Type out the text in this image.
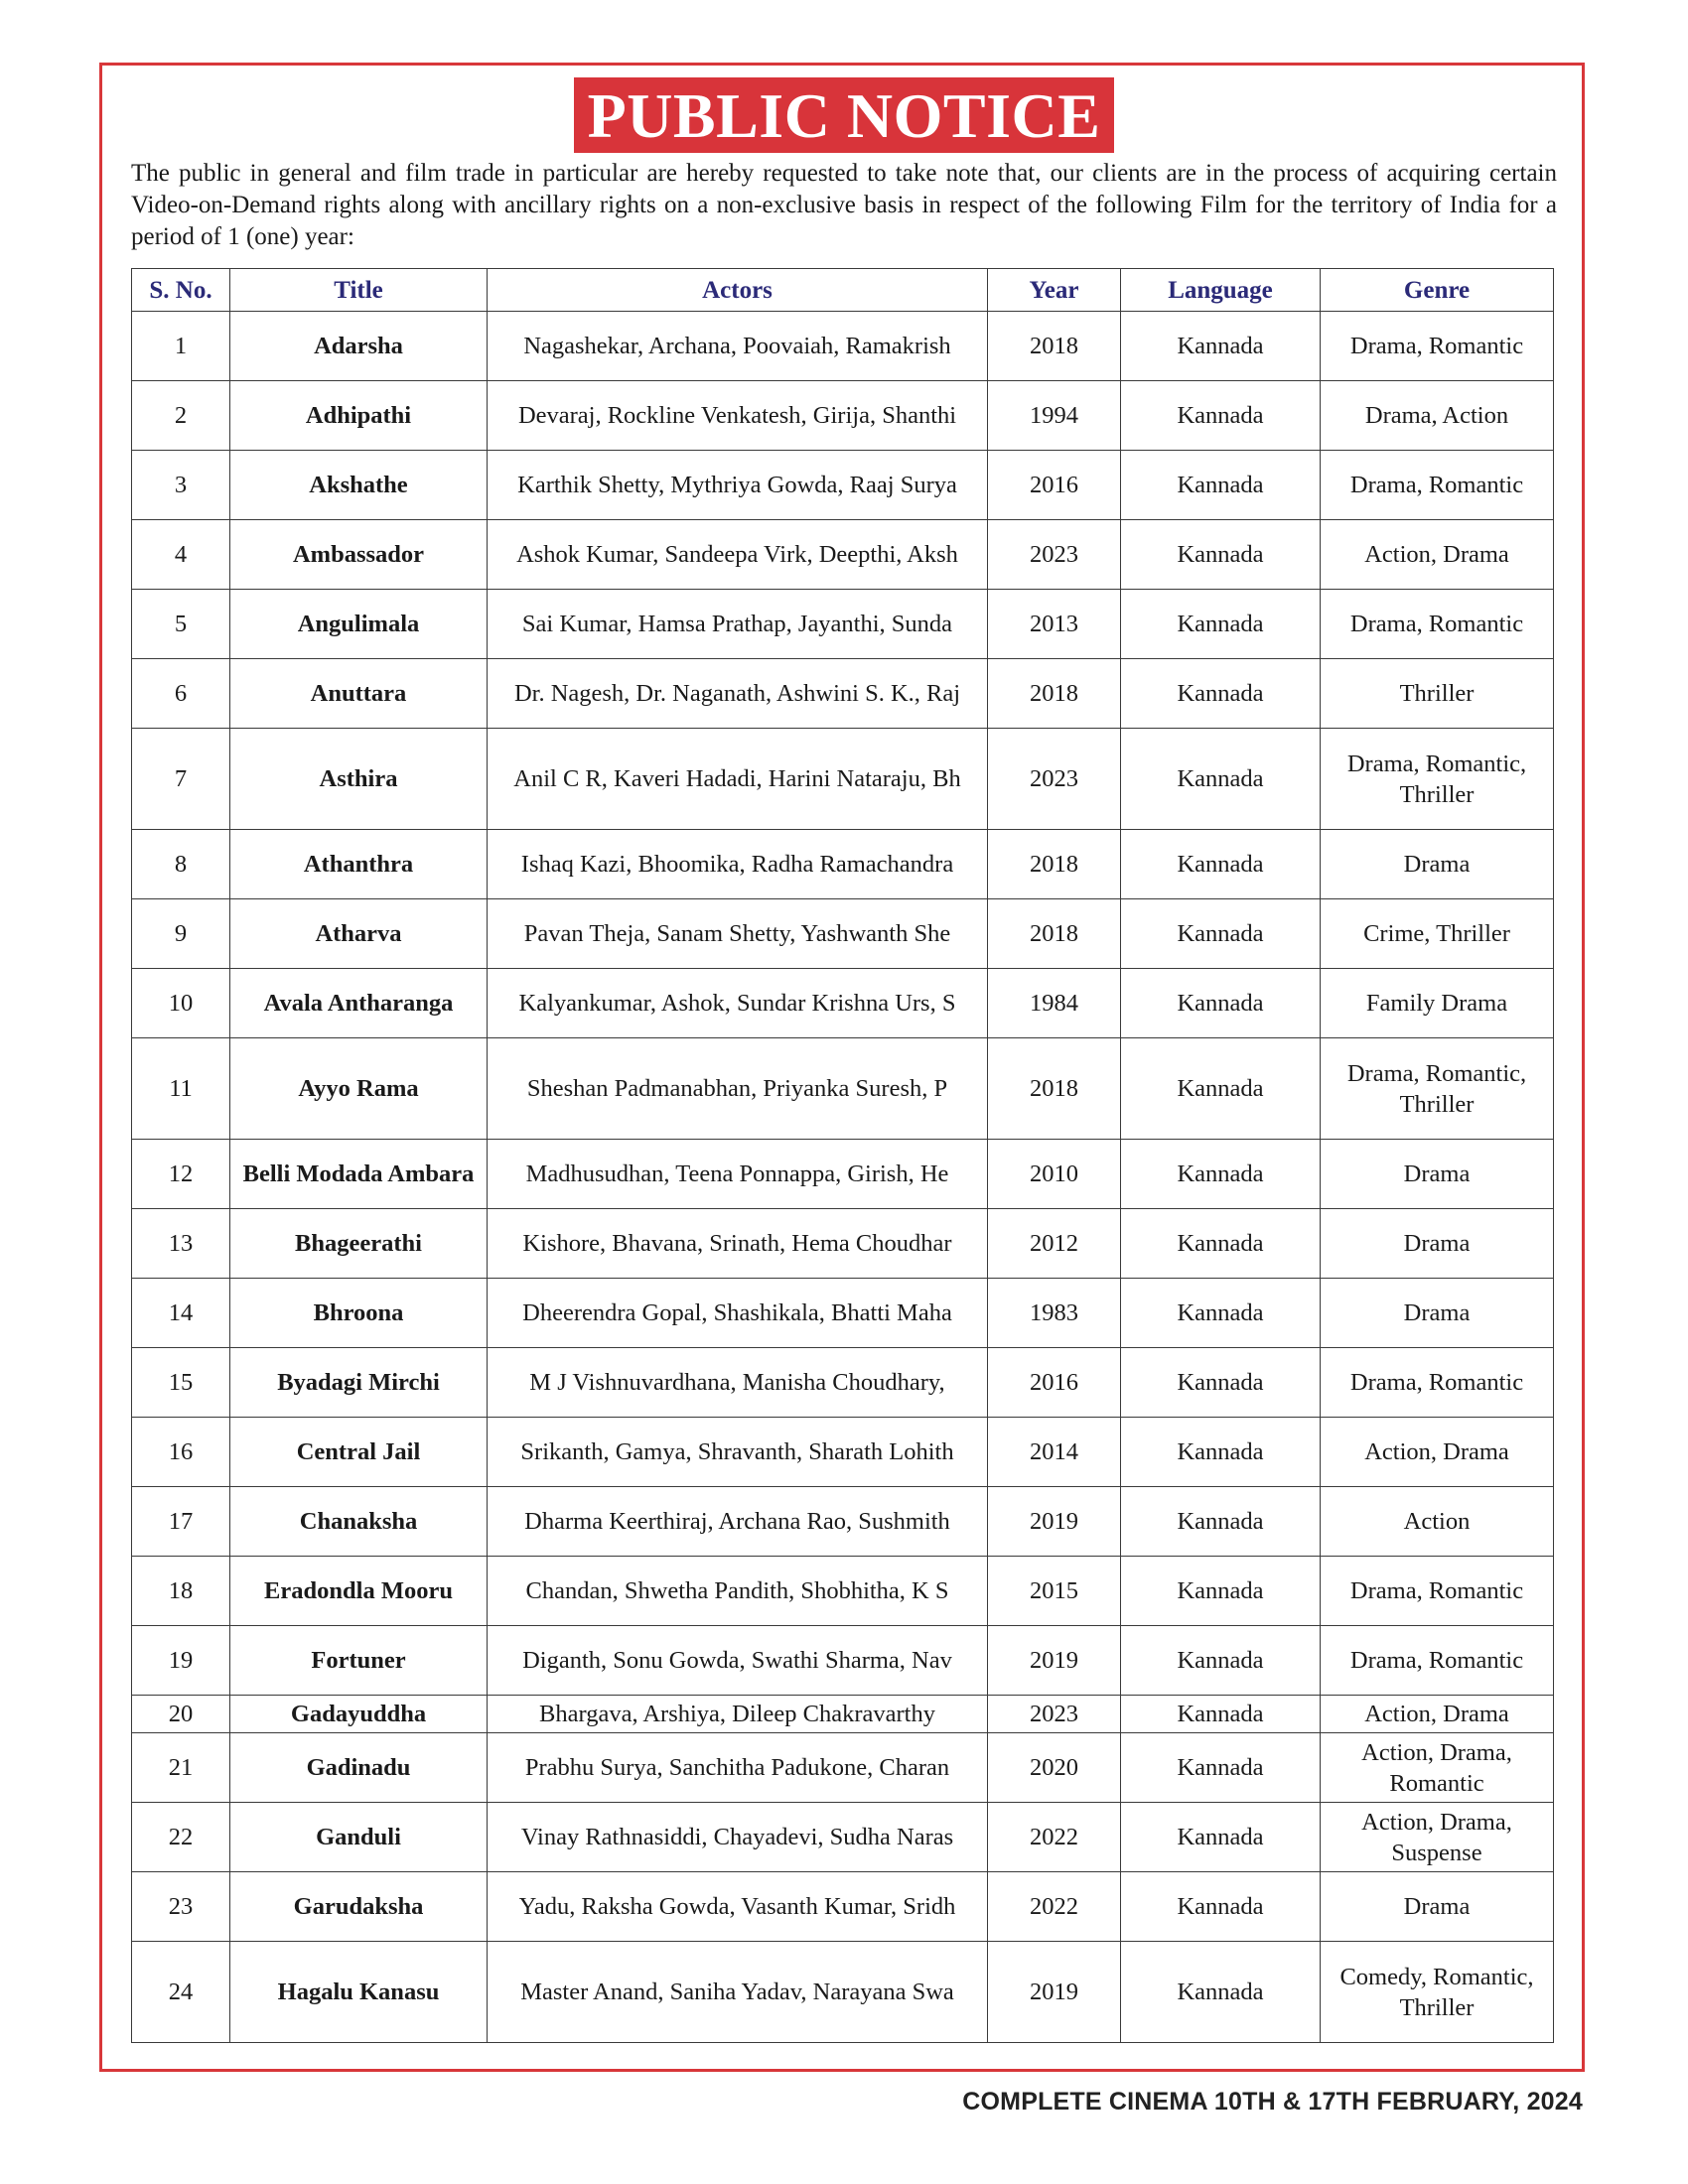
PUBLIC NOTICE

The public in general and film trade in particular are hereby requested to take note that, our clients are in the process of acquiring certain Video-on-Demand rights along with ancillary rights on a non-exclusive basis in respect of the following Film for the territory of India for a period of 1 (one) year:

S. No.	Title	Actors	Year	Language	Genre
1	Adarsha	Nagashekar, Archana, Poovaiah, Ramakrish	2018	Kannada	Drama, Romantic
2	Adhipathi	Devaraj, Rockline Venkatesh, Girija, Shanthi	1994	Kannada	Drama, Action
3	Akshathe	Karthik Shetty, Mythriya Gowda, Raaj Surya	2016	Kannada	Drama, Romantic
4	Ambassador	Ashok Kumar, Sandeepa Virk, Deepthi, Aksh	2023	Kannada	Action, Drama
5	Angulimala	Sai Kumar, Hamsa Prathap, Jayanthi, Sunda	2013	Kannada	Drama, Romantic
6	Anuttara	Dr. Nagesh, Dr. Naganath, Ashwini S. K., Raj	2018	Kannada	Thriller
7	Asthira	Anil C R, Kaveri Hadadi, Harini Nataraju, Bh	2023	Kannada	Drama, Romantic, Thriller
8	Athanthra	Ishaq Kazi, Bhoomika, Radha Ramachandra	2018	Kannada	Drama
9	Atharva	Pavan Theja, Sanam Shetty, Yashwanth She	2018	Kannada	Crime, Thriller
10	Avala Antharanga	Kalyankumar, Ashok, Sundar Krishna Urs, S	1984	Kannada	Family Drama
11	Ayyo Rama	Sheshan Padmanabhan, Priyanka Suresh, P	2018	Kannada	Drama, Romantic, Thriller
12	Belli Modada Ambara	Madhusudhan, Teena Ponnappa, Girish, He	2010	Kannada	Drama
13	Bhageerathi	Kishore, Bhavana, Srinath, Hema Choudhar	2012	Kannada	Drama
14	Bhroona	Dheerendra Gopal, Shashikala, Bhatti Maha	1983	Kannada	Drama
15	Byadagi Mirchi	M J Vishnuvardhana, Manisha Choudhary,	2016	Kannada	Drama, Romantic
16	Central Jail	Srikanth, Gamya, Shravanth, Sharath Lohith	2014	Kannada	Action, Drama
17	Chanaksha	Dharma Keerthiraj, Archana Rao, Sushmith	2019	Kannada	Action
18	Eradondla Mooru	Chandan, Shwetha Pandith, Shobhitha, K S	2015	Kannada	Drama, Romantic
19	Fortuner	Diganth, Sonu Gowda, Swathi Sharma, Nav	2019	Kannada	Drama, Romantic
20	Gadayuddha	Bhargava, Arshiya, Dileep Chakravarthy	2023	Kannada	Action, Drama
21	Gadinadu	Prabhu Surya, Sanchitha Padukone, Charan	2020	Kannada	Action, Drama, Romantic
22	Ganduli	Vinay Rathnasiddi, Chayadevi, Sudha Naras	2022	Kannada	Action, Drama, Suspense
23	Garudaksha	Yadu, Raksha Gowda, Vasanth Kumar, Sridh	2022	Kannada	Drama
24	Hagalu Kanasu	Master Anand, Saniha Yadav, Narayana Swa	2019	Kannada	Comedy, Romantic, Thriller
COMPLETE CINEMA 10TH & 17TH FEBRUARY, 2024
